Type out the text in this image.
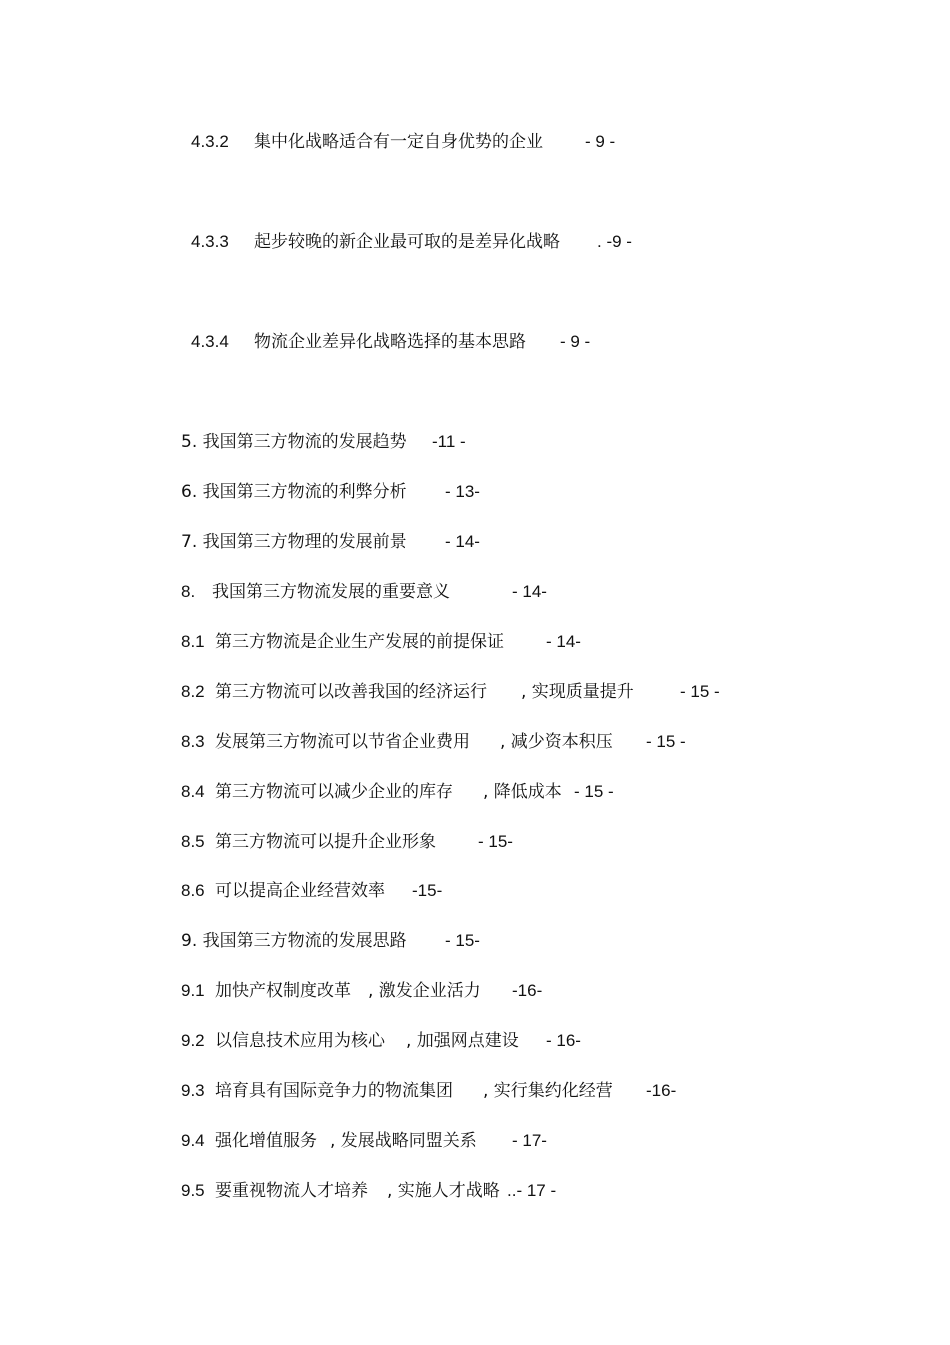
4.3.2 集中化战略适合有一定自身优势的企业 - 9 -
4.3.3 起步较晚的新企业最可取的是差异化战略 . -9 -
4.3.4 物流企业差异化战略选择的基本思路 - 9 -
5. 我国第三方物流的发展趋势 -11 -
6. 我国第三方物流的利弊分析 - 13-
7. 我国第三方物理的发展前景 - 14-
8. 我国第三方物流发展的重要意义	- 14-
8.1 第三方物流是企业生产发展的前提保证 - 14-
8.2 第三方物流可以改善我国的经济运行 , 实现质量提升	- 15 -
8.3 发展第三方物流可以节省企业费用 , 减少资本积压 - 15 -
8.4 第三方物流可以减少企业的库存 , 降低成本 - 15 -
8.5 第三方物流可以提升企业形象 - 15-
8.6 可以提高企业经营效率 -15-
9. 我国第三方物流的发展思路 - 15-
9.1 加快产权制度改革 , 激发企业活力 -16-
9.2 以信息技术应用为核心 , 加强网点建设 - 16-
9.3 培育具有国际竞争力的物流集团 , 实行集约化经营 -16-
9.4 强化增值服务 , 发展战略同盟关系 - 17-
9.5 要重视物流人才培养 , 实施人才战略 ..- 17 -
